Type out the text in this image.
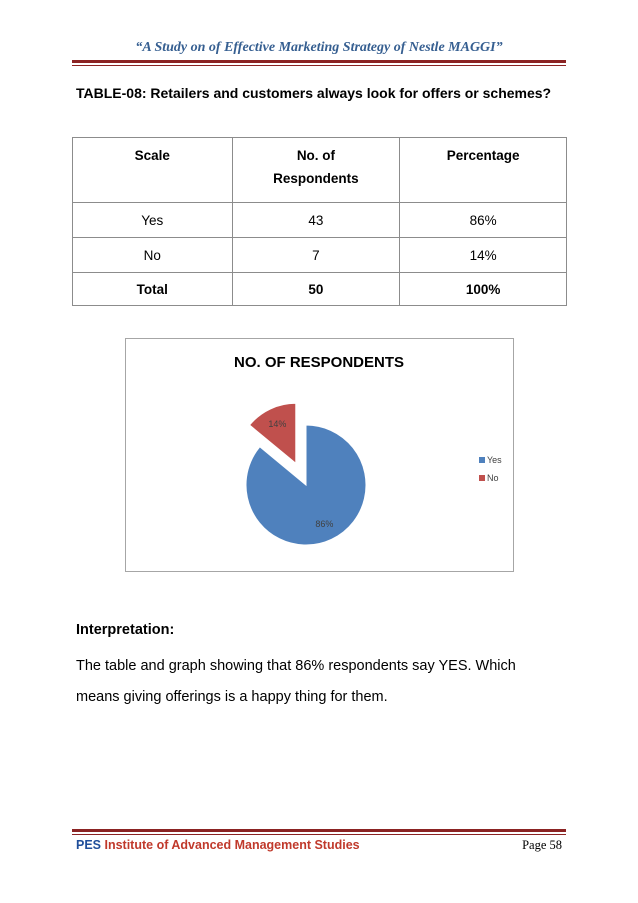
“A Study on of Effective Marketing Strategy of Nestle MAGGI”
TABLE-08: Retailers and customers always look for offers or schemes?
Scale	No. of Respondents	Percentage
Yes	43	86%
No	7	14%
Total	50	100%
NO. OF RESPONDENTS
86%
14%
Yes
No
Interpretation:
The table and graph showing that 86% respondents say YES. Which means giving offerings is a happy thing for them.
PES Institute of Advanced Management Studies	Page 58
